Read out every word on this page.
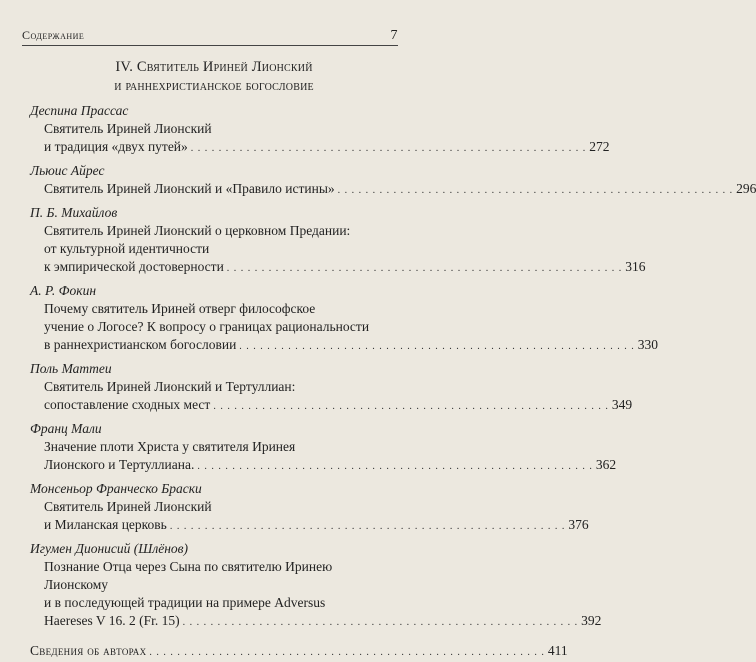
Содержание	7
IV. Святитель Ириней Лионский
и раннехристианское богословие
Деспина Прассас
Святитель Ириней Лионский
и традиция «двух путей» . . . . . . . . . . . . . . . . . . . . . . . . . . . . . . . . . . . . . . . . . . . . . . . . . . . . . . . . . 272
Льюис Айрес
Святитель Ириней Лионский и «Правило истины» . . . . . . . . . . . . . . . . . . . . . . . . . . . . . . . . . . . . . . . . . . . . . . . . . . . . . . . . . 296
П. Б. Михайлов
Святитель Ириней Лионский о церковном Предании:
от культурной идентичности
к эмпирической достоверности . . . . . . . . . . . . . . . . . . . . . . . . . . . . . . . . . . . . . . . . . . . . . . . . . . . . . . . . . 316
А. Р. Фокин
Почему святитель Ириней отверг философское
учение о Логосе? К вопросу о границах рациональности
в раннехристианском богословии . . . . . . . . . . . . . . . . . . . . . . . . . . . . . . . . . . . . . . . . . . . . . . . . . . . . . . . . . 330
Поль Маттеи
Святитель Ириней Лионский и Тертуллиан:
сопоставление сходных мест . . . . . . . . . . . . . . . . . . . . . . . . . . . . . . . . . . . . . . . . . . . . . . . . . . . . . . . . . 349
Франц Мали
Значение плоти Христа у святителя Иринея
Лионского и Тертуллиана. . . . . . . . . . . . . . . . . . . . . . . . . . . . . . . . . . . . . . . . . . . . . . . . . . . . . . . . . . 362
Монсеньор Франческо Браски
Святитель Ириней Лионский
и Миланская церковь . . . . . . . . . . . . . . . . . . . . . . . . . . . . . . . . . . . . . . . . . . . . . . . . . . . . . . . . . 376
Игумен Дионисий (Шлёнов)
Познание Отца через Сына по святителю Иринею Лионскому
и в последующей традиции на примере Adversus
Haereses V 16. 2 (Fr. 15) . . . . . . . . . . . . . . . . . . . . . . . . . . . . . . . . . . . . . . . . . . . . . . . . . . . . . . . . . 392
Сведения об авторах . . . . . . . . . . . . . . . . . . . . . . . . . . . . . . . . . . . . . . . . . . . . . . . . . . . . . . . . . 411
